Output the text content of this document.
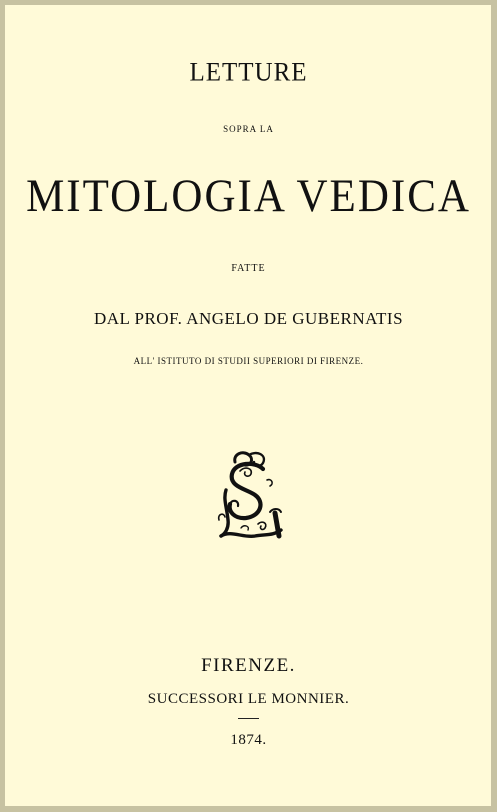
LETTURE
SOPRA LA
MITOLOGIA VEDICA
FATTE
DAL PROF. ANGELO DE GUBERNATIS
ALL' ISTITUTO DI STUDII SUPERIORI DI FIRENZE.
FIRENZE.
SUCCESSORI LE MONNIER.
1874.
